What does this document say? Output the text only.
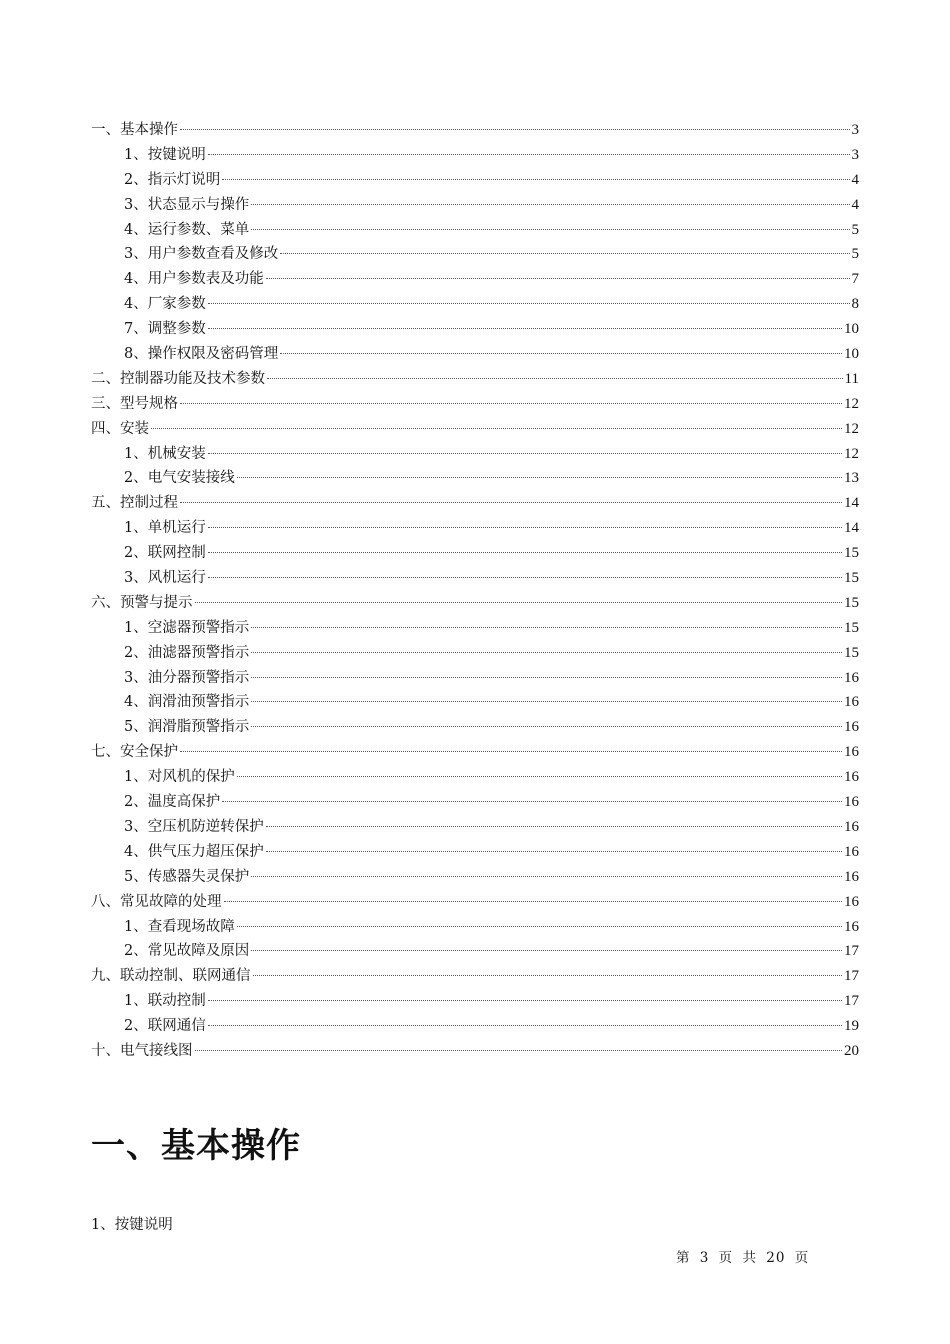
一、基本操作	3
1、按键说明	3
2、指示灯说明	4
3、状态显示与操作	4
4、运行参数、菜单	5
3、用户参数查看及修改	5
4、用户参数表及功能	7
4、厂家参数	8
7、调整参数	10
8、操作权限及密码管理	10
二、控制器功能及技术参数	11
三、型号规格	12
四、安装	12
1、机械安装	12
2、电气安装接线	13
五、控制过程	14
1、单机运行	14
2、联网控制	15
3、风机运行	15
六、预警与提示	15
1、空滤器预警指示	15
2、油滤器预警指示	15
3、油分器预警指示	16
4、润滑油预警指示	16
5、润滑脂预警指示	16
七、安全保护	16
1、对风机的保护	16
2、温度高保护	16
3、空压机防逆转保护	16
4、供气压力超压保护	16
5、传感器失灵保护	16
八、常见故障的处理	16
1、查看现场故障	16
2、常见故障及原因	17
九、联动控制、联网通信	17
1、联动控制	17
2、联网通信	19
十、电气接线图	20
一、基本操作
1、按键说明
第 3 页 共 20 页
